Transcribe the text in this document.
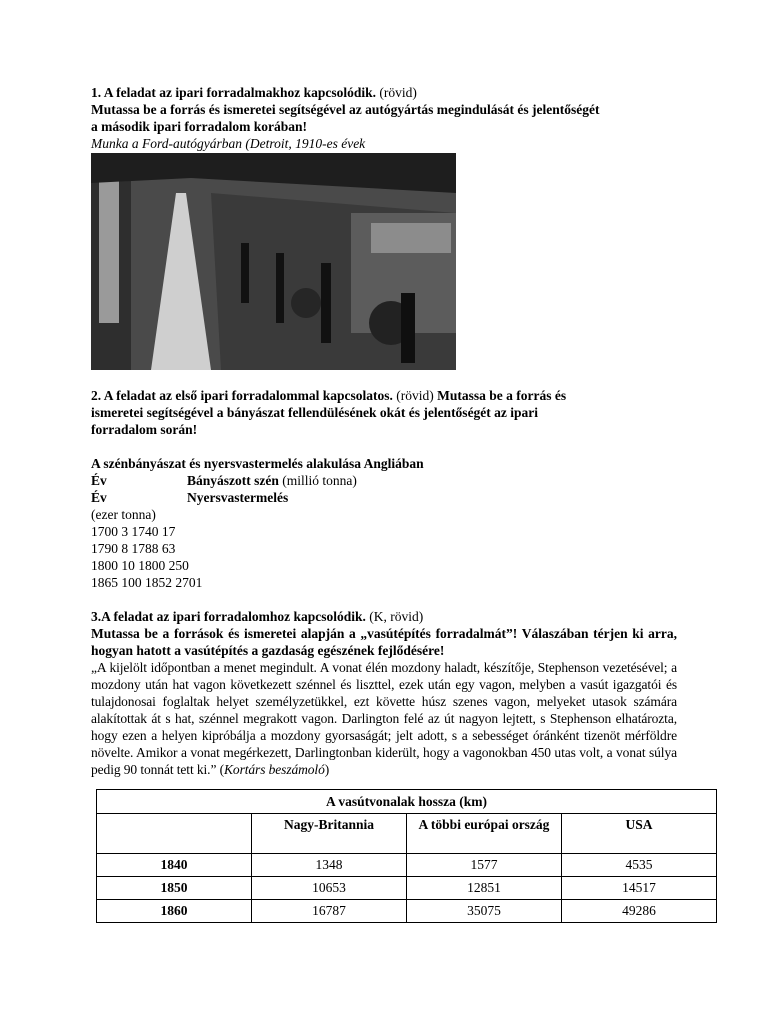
1. A feladat az ipari forradalmakhoz kapcsolódik. (rövid)

Mutassa be a forrás és ismeretei segítségével az autógyártás megindulását és jelentőségét

a második ipari forradalom korában!

Munka a Ford-autógyárban (Detroit, 1910-es évek

2. A feladat az első ipari forradalommal kapcsolatos. (rövid) Mutassa be a forrás és

ismeretei segítségével a bányászat fellendülésének okát és jelentőségét az ipari

forradalom során!

A szénbányászat és nyersvastermelés alakulása Angliában

Év	Bányászott szén (millió tonna)

Év	Nyersvastermelés

(ezer tonna)

1700 3 1740 17

1790 8 1788 63

1800 10 1800 250

1865 100 1852 2701

3.A feladat az ipari forradalomhoz kapcsolódik. (K, rövid)

Mutassa be a források és ismeretei alapján a „vasútépítés forradalmát”! Válaszában térjen ki arra, hogyan hatott a vasútépítés a gazdaság egészének fejlődésére!

„A kijelölt időpontban a menet megindult. A vonat élén mozdony haladt, készítője, Stephenson vezetésével; a mozdony után hat vagon következett szénnel és liszttel, ezek után egy vagon, melyben a vasút igazgatói és tulajdonosai foglaltak helyet személyzetükkel, ezt követte húsz szenes vagon, melyeket utasok számára alakítottak át s hat, szénnel megrakott vagon. Darlington felé az út nagyon lejtett, s Stephenson elhatározta, hogy ezen a helyen kipróbálja a mozdony gyorsaságát; jelt adott, s a sebességet óránként tizenöt mérföldre növelte. Amikor a vonat megérkezett, Darlingtonban kiderült, hogy a vagonokban 450 utas volt, a vonat súlya pedig 90 tonnát tett ki.” (Kortárs beszámoló)

A vasútvonalak hossza (km)			
	Nagy-Britannia	A többi európai ország	USA
1840	1348	1577	4535
1850	10653	12851	14517
1860	16787	35075	49286
